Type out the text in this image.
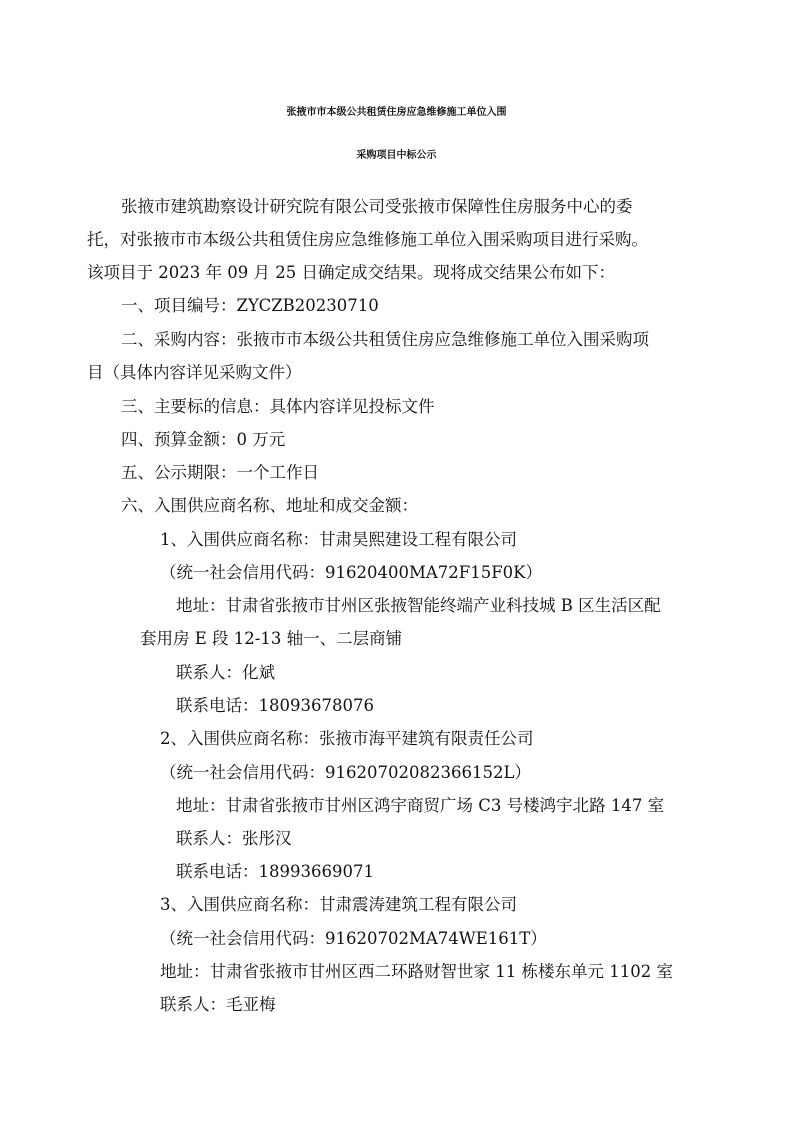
张掖市市本级公共租赁住房应急维修施工单位入围
采购项目中标公示
张掖市建筑勘察设计研究院有限公司受张掖市保障性住房服务中心的委
托，对张掖市市本级公共租赁住房应急维修施工单位入围采购项目进行采购。
该项目于 2023 年 09 月 25 日确定成交结果。现将成交结果公布如下：
一、项目编号：ZYCZB20230710
二、采购内容：张掖市市本级公共租赁住房应急维修施工单位入围采购项
目（具体内容详见采购文件）
三、主要标的信息：具体内容详见投标文件
四、预算金额：0 万元
五、公示期限：一个工作日
六、入围供应商名称、地址和成交金额：
1、入围供应商名称：甘肃昊熙建设工程有限公司
（统一社会信用代码：91620400MA72F15F0K）
地址：甘肃省张掖市甘州区张掖智能终端产业科技城 B 区生活区配
套用房 E 段 12-13 轴一、二层商铺
联系人：化斌
联系电话：18093678076
2、入围供应商名称：张掖市海平建筑有限责任公司
（统一社会信用代码：91620702082366152L）
地址：甘肃省张掖市甘州区鸿宇商贸广场 C3 号楼鸿宇北路 147 室
联系人：张彤汉
联系电话：18993669071
3、入围供应商名称：甘肃震涛建筑工程有限公司
（统一社会信用代码：91620702MA74WE161T）
地址：甘肃省张掖市甘州区西二环路财智世家 11 栋楼东单元 1102 室
联系人：毛亚梅
